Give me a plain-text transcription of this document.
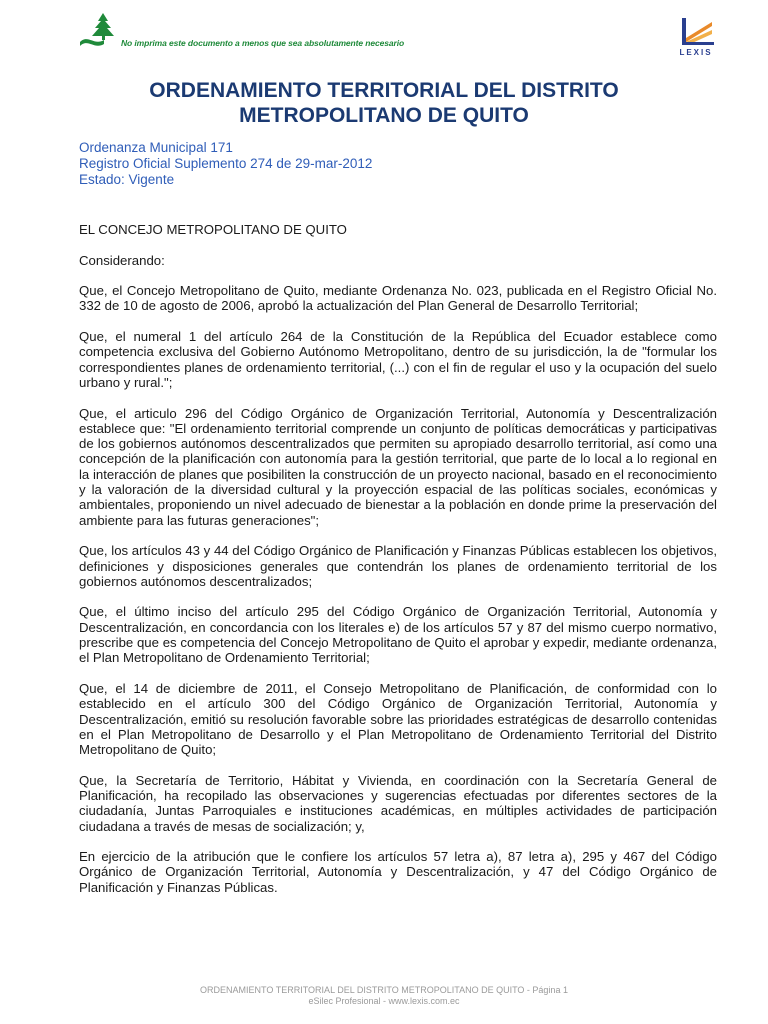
No imprima este documento a menos que sea absolutamente necesario
LEXIS
ORDENAMIENTO TERRITORIAL DEL DISTRITO
METROPOLITANO DE QUITO
Ordenanza Municipal 171
Registro Oficial Suplemento 274 de 29-mar-2012
Estado: Vigente

EL CONCEJO METROPOLITANO DE QUITO

Considerando:

Que, el Concejo Metropolitano de Quito, mediante Ordenanza No. 023, publicada en el Registro Oficial No. 332 de 10 de agosto de 2006, aprobó la actualización del Plan General de Desarrollo Territorial;

Que, el numeral 1 del artículo 264 de la Constitución de la República del Ecuador establece como competencia exclusiva del Gobierno Autónomo Metropolitano, dentro de su jurisdicción, la de "formular los correspondientes planes de ordenamiento territorial, (...) con el fin de regular el uso y la ocupación del suelo urbano y rural.";

Que, el articulo 296 del Código Orgánico de Organización Territorial, Autonomía y Descentralización establece que: "El ordenamiento territorial comprende un conjunto de políticas democráticas y participativas de los gobiernos autónomos descentralizados que permiten su apropiado desarrollo territorial, así como una concepción de la planificación con autonomía para la gestión territorial, que parte de lo local a lo regional en la interacción de planes que posibiliten la construcción de un proyecto nacional, basado en el reconocimiento y la valoración de la diversidad cultural y la proyección espacial de las políticas sociales, económicas y ambientales, proponiendo un nivel adecuado de bienestar a la población en donde prime la preservación del ambiente para las futuras generaciones";

Que, los artículos 43 y 44 del Código Orgánico de Planificación y Finanzas Públicas establecen los objetivos, definiciones y disposiciones generales que contendrán los planes de ordenamiento territorial de los gobiernos autónomos descentralizados;

Que, el último inciso del artículo 295 del Código Orgánico de Organización Territorial, Autonomía y Descentralización, en concordancia con los literales e) de los artículos 57 y 87 del mismo cuerpo normativo, prescribe que es competencia del Concejo Metropolitano de Quito el aprobar y expedir, mediante ordenanza, el Plan Metropolitano de Ordenamiento Territorial;

Que, el 14 de diciembre de 2011, el Consejo Metropolitano de Planificación, de conformidad con lo establecido en el artículo 300 del Código Orgánico de Organización Territorial, Autonomía y Descentralización, emitió su resolución favorable sobre las prioridades estratégicas de desarrollo contenidas en el Plan Metropolitano de Desarrollo y el Plan Metropolitano de Ordenamiento Territorial del Distrito Metropolitano de Quito;

Que, la Secretaría de Territorio, Hábitat y Vivienda, en coordinación con la Secretaría General de Planificación, ha recopilado las observaciones y sugerencias efectuadas por diferentes sectores de la ciudadanía, Juntas Parroquiales e instituciones académicas, en múltiples actividades de participación ciudadana a través de mesas de socialización; y,

En ejercicio de la atribución que le confiere los artículos 57 letra a), 87 letra a), 295 y 467 del Código Orgánico de Organización Territorial, Autonomía y Descentralización, y 47 del Código Orgánico de Planificación y Finanzas Públicas.

ORDENAMIENTO TERRITORIAL DEL DISTRITO METROPOLITANO DE QUITO - Página 1
eSilec Profesional - www.lexis.com.ec
